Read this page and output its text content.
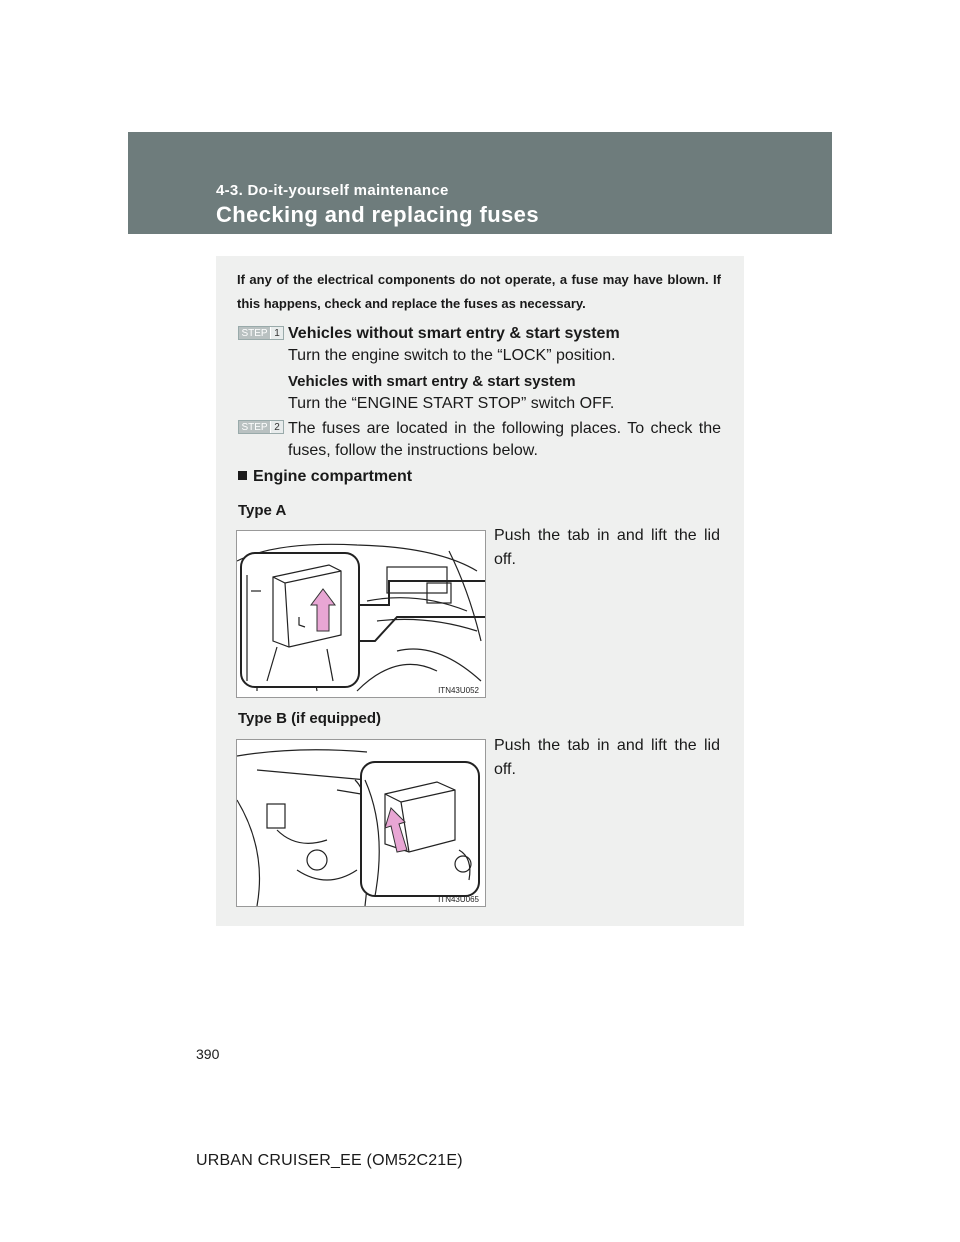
4-3. Do-it-yourself maintenance
Checking and replacing fuses
If any of the electrical components do not operate, a fuse may have blown. If this happens, check and replace the fuses as necessary.
STEP 1 Vehicles without smart entry & start system
Turn the engine switch to the “LOCK” position.
Vehicles with smart entry & start system
Turn the “ENGINE START STOP” switch OFF.
STEP 2 The fuses are located in the following places. To check the fuses, follow the instructions below.
Engine compartment
Type A
ITN43U052
Push the tab in and lift the lid off.
Type B (if equipped)
ITN43U065
Push the tab in and lift the lid off.
390
URBAN CRUISER_EE (OM52C21E)
